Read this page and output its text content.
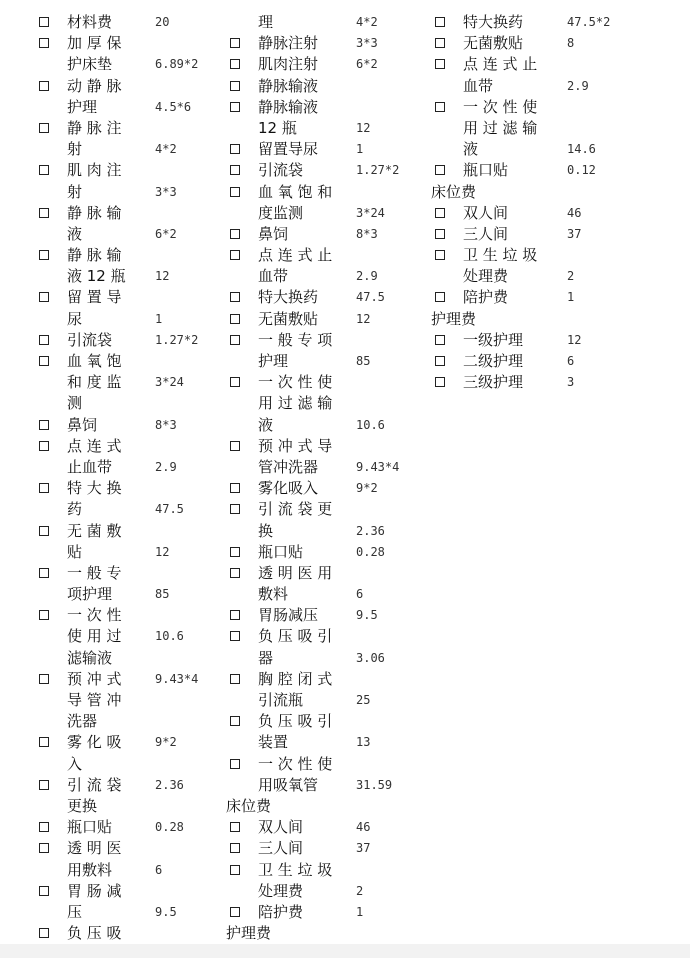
材料费	20
加 厚 保
护床垫	6.89*2
动 静 脉
护理	4.5*6
静 脉 注
射	4*2
肌 肉 注
射	3*3
静 脉 输
液	6*2
静 脉 输
液 12 瓶 12
留 置 导
尿	1
引流袋	1.27*2
血 氧 饱
和 度 监	3*24
测
鼻饲	8*3
点 连 式
止血带	2.9
特 大 换
药	47.5
无 菌 敷
贴	12
一 般 专
项护理	85
一 次 性
使 用 过	10.6
滤输液
预 冲 式	9.43*4
导 管 冲
洗器
雾 化 吸	9*2
入
引 流 袋	2.36
更换
瓶口贴	0.28
透 明 医
用敷料	6
胃 肠 减
压	9.5
负 压 吸
理	4*2
静脉注射	3*3
肌肉注射	6*2
静脉输液
静脉输液
12 瓶	12
留置导尿	1
引流袋	1.27*2
血 氧 饱 和
度监测	3*24
鼻饲	8*3
点 连 式 止
血带	2.9
特大换药	47.5
无菌敷贴	12
一 般 专 项
护理	85
一 次 性 使
用 过 滤 输
液	10.6
预 冲 式 导
管冲洗器	9.43*4
雾化吸入	9*2
引 流 袋 更
换	2.36
瓶口贴	0.28
透 明 医 用
敷料	6
胃肠减压	9.5
负 压 吸 引
器	3.06
胸 腔 闭 式
引流瓶	25
负 压 吸 引
装置	13
一 次 性 使
用吸氧管	31.59
床位费
双人间	46
三人间	37
卫 生 垃 圾
处理费	2
陪护费	1
护理费
特大换药	47.5*2
无菌敷贴	8
点 连 式 止
血带	2.9
一 次 性 使
用 过 滤 输
液	14.6
瓶口贴	0.12
床位费
双人间	46
三人间	37
卫 生 垃 圾
处理费	2
陪护费	1
护理费
一级护理	12
二级护理	6
三级护理	3
